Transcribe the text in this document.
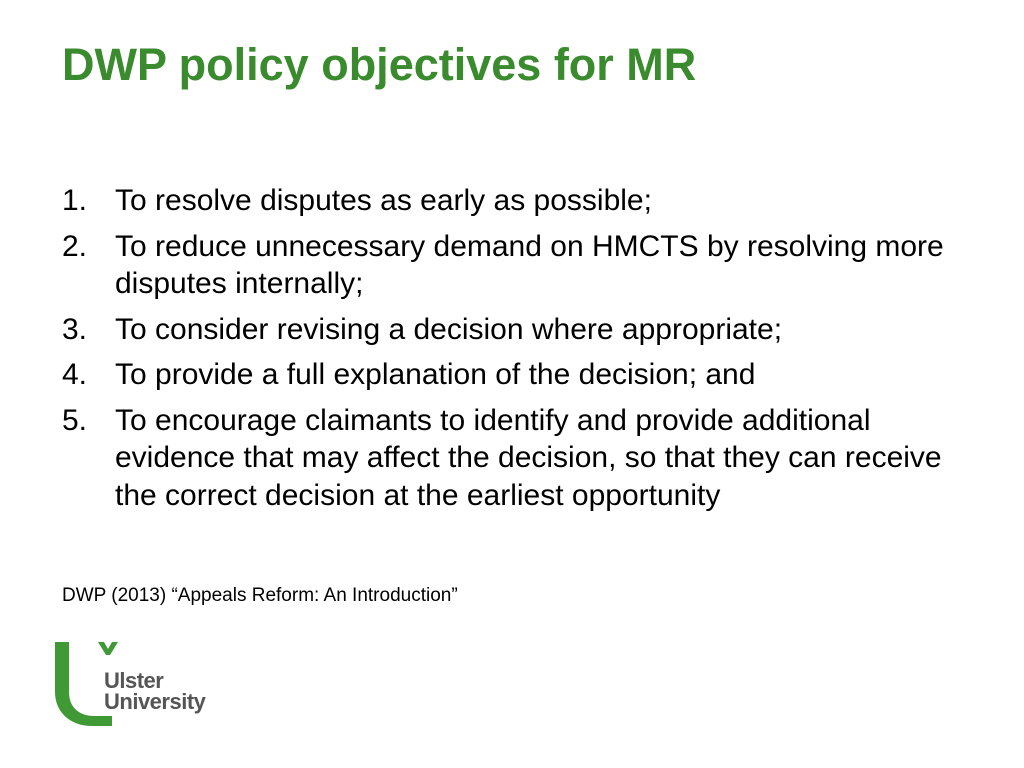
DWP policy objectives for MR
1. To resolve disputes as early as possible;
2. To reduce unnecessary demand on HMCTS by resolving more disputes internally;
3. To consider revising a decision where appropriate;
4. To provide a full explanation of the decision; and
5. To encourage claimants to identify and provide additional evidence that may affect the decision, so that they can receive the correct decision at the earliest opportunity

DWP (2013) “Appeals Reform: An Introduction”

Ulster
University
